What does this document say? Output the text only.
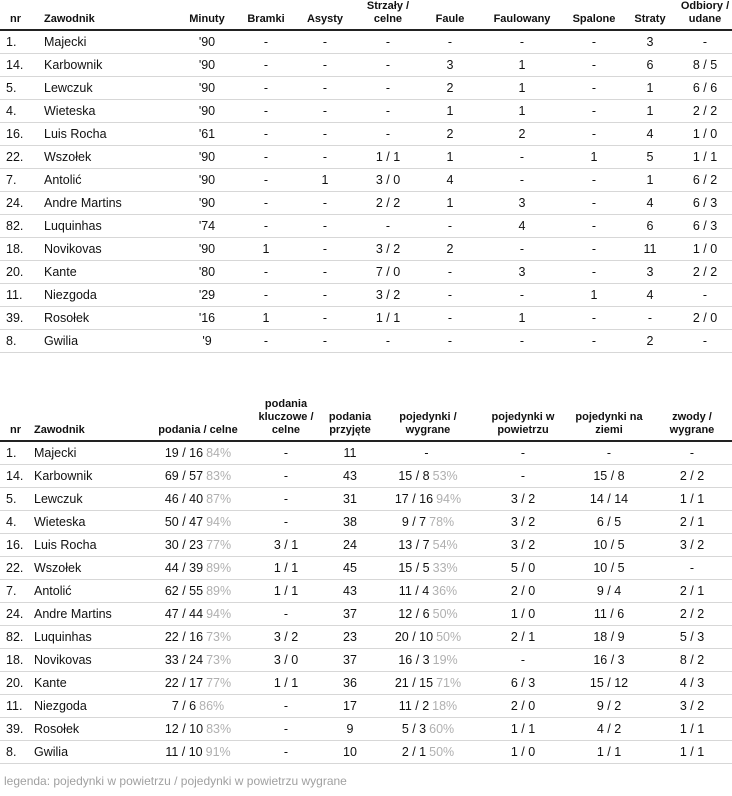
nr		Zawodnik	Minuty	Bramki	Asysty	Strzały / celne	Faule	Faulowany	Spalone	Straty	Odbiory / udane
1.		Majecki	'90	-	-	-	-	-	-	3	-
14.		Karbownik	'90	-	-	-	3	1	-	6	8 / 5
5.		Lewczuk	'90	-	-	-	2	1	-	1	6 / 6
4.		Wieteska	'90	-	-	-	1	1	-	1	2 / 2
16.		Luis Rocha	'61	-	-	-	2	2	-	4	1 / 0
22.		Wszołek	'90	-	-	1 / 1	1	-	1	5	1 / 1
7.		Antolić	'90	-	1	3 / 0	4	-	-	1	6 / 2
24.		Andre Martins	'90	-	-	2 / 2	1	3	-	4	6 / 3
82.		Luquinhas	'74	-	-	-	-	4	-	6	6 / 3
18.		Novikovas	'90	1	-	3 / 2	2	-	-	11	1 / 0
20.		Kante	'80	-	-	7 / 0	-	3	-	3	2 / 2
11.		Niezgoda	'29	-	-	3 / 2	-	-	1	4	-
39.		Rosołek	'16	1	-	1 / 1	-	1	-	-	2 / 0
8.		Gwilia	'9	-	-	-	-	-	-	2	-
nr	Zawodnik	podania / celne	podania kluczowe / celne	podania przyjęte	pojedynki / wygrane	pojedynki w powietrzu	pojedynki na ziemi	zwody / wygrane
1.	Majecki	19 / 16 84%	-	11	-	-	-	-
14.	Karbownik	69 / 57 83%	-	43	15 / 8 53%	-	15 / 8	2 / 2
5.	Lewczuk	46 / 40 87%	-	31	17 / 16 94%	3 / 2	14 / 14	1 / 1
4.	Wieteska	50 / 47 94%	-	38	9 / 7 78%	3 / 2	6 / 5	2 / 1
16.	Luis Rocha	30 / 23 77%	3 / 1	24	13 / 7 54%	3 / 2	10 / 5	3 / 2
22.	Wszołek	44 / 39 89%	1 / 1	45	15 / 5 33%	5 / 0	10 / 5	-
7.	Antolić	62 / 55 89%	1 / 1	43	11 / 4 36%	2 / 0	9 / 4	2 / 1
24.	Andre Martins	47 / 44 94%	-	37	12 / 6 50%	1 / 0	11 / 6	2 / 2
82.	Luquinhas	22 / 16 73%	3 / 2	23	20 / 10 50%	2 / 1	18 / 9	5 / 3
18.	Novikovas	33 / 24 73%	3 / 0	37	16 / 3 19%	-	16 / 3	8 / 2
20.	Kante	22 / 17 77%	1 / 1	36	21 / 15 71%	6 / 3	15 / 12	4 / 3
11.	Niezgoda	7 / 6 86%	-	17	11 / 2 18%	2 / 0	9 / 2	3 / 2
39.	Rosołek	12 / 10 83%	-	9	5 / 3 60%	1 / 1	4 / 2	1 / 1
8.	Gwilia	11 / 10 91%	-	10	2 / 1 50%	1 / 0	1 / 1	1 / 1
legenda: pojedynki w powietrzu / pojedynki w powietrzu wygrane
